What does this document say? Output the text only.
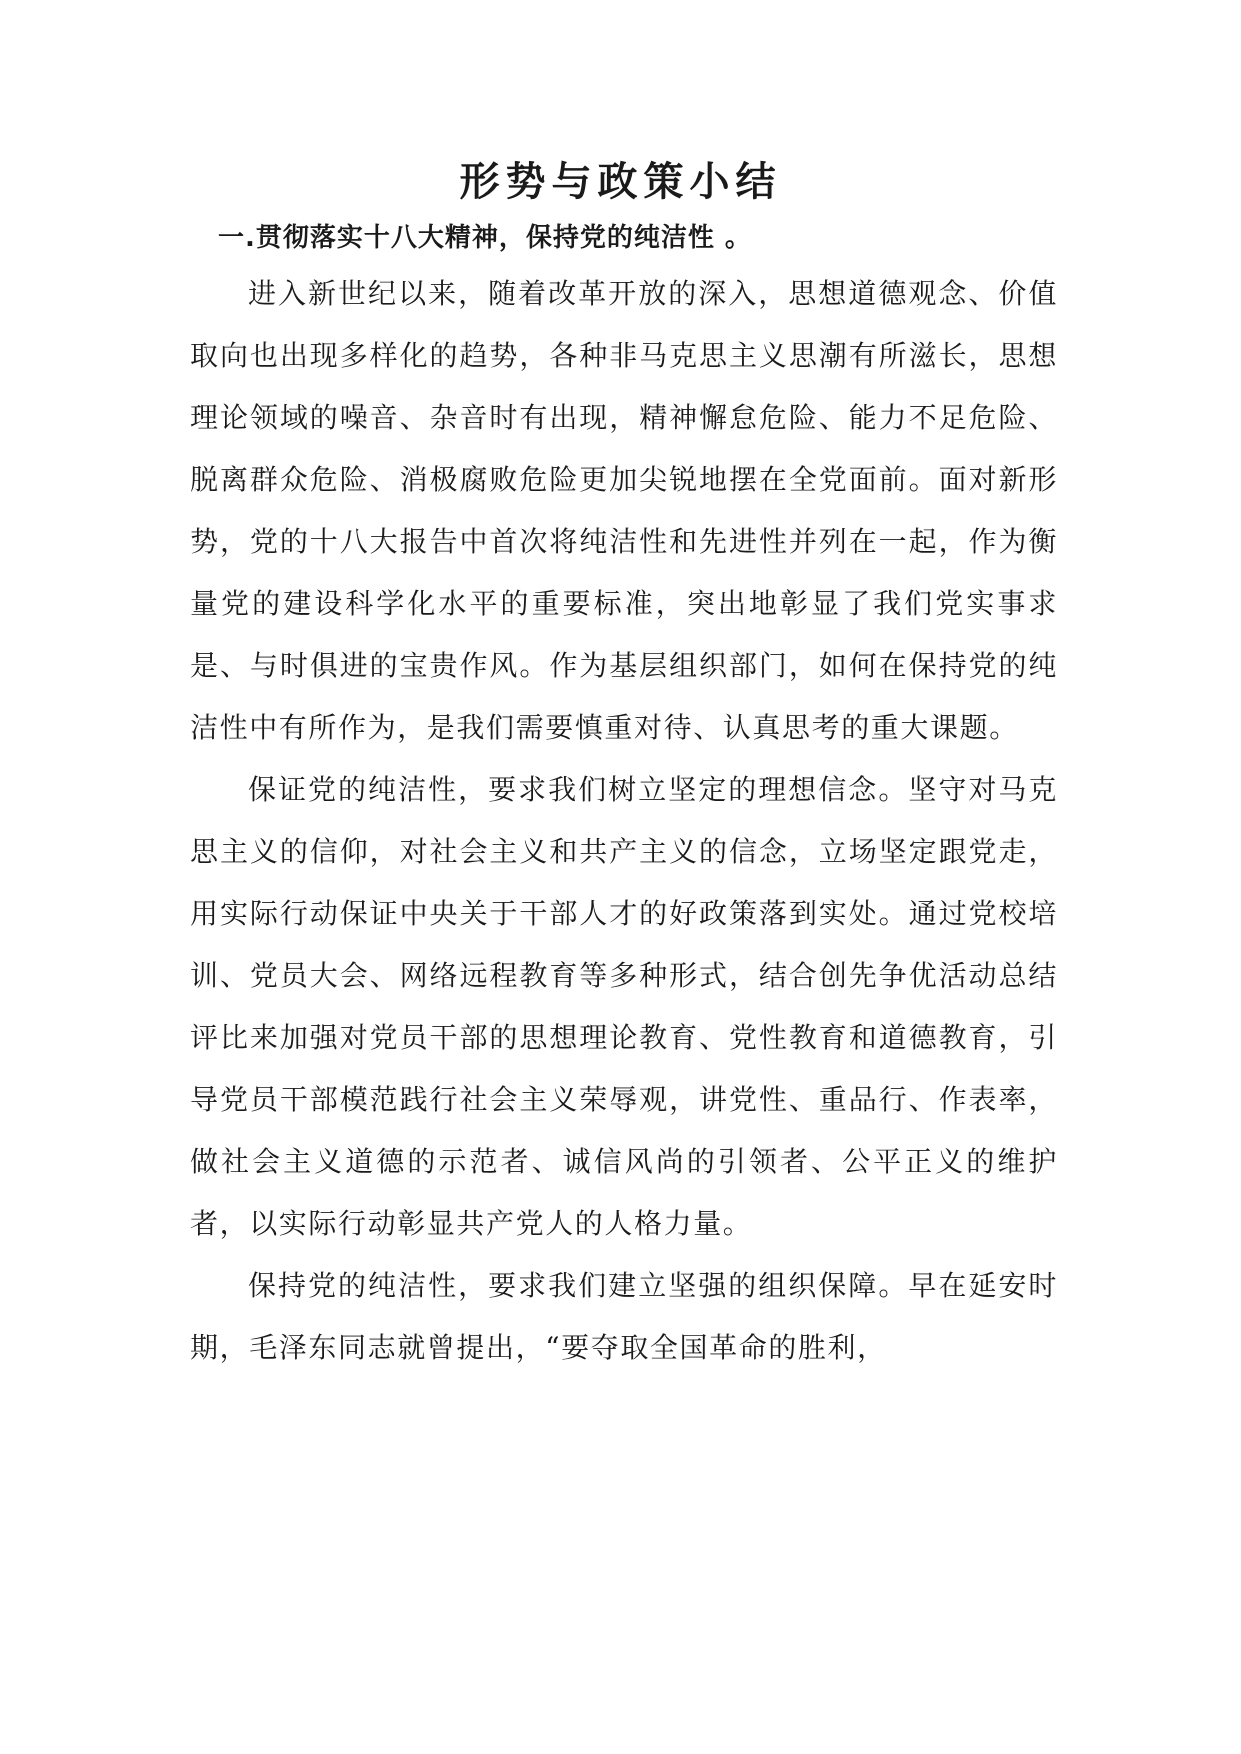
形势与政策小结
一.贯彻落实十八大精神，保持党的纯洁性 。

进入新世纪以来，随着改革开放的深入，思想道德观念、价值取向也出现多样化的趋势，各种非马克思主义思潮有所滋长，思想理论领域的噪音、杂音时有出现，精神懈怠危险、能力不足危险、脱离群众危险、消极腐败危险更加尖锐地摆在全党面前。面对新形势，党的十八大报告中首次将纯洁性和先进性并列在一起，作为衡量党的建设科学化水平的重要标准，突出地彰显了我们党实事求是、与时俱进的宝贵作风。作为基层组织部门，如何在保持党的纯洁性中有所作为，是我们需要慎重对待、认真思考的重大课题。

保证党的纯洁性，要求我们树立坚定的理想信念。坚守对马克思主义的信仰，对社会主义和共产主义的信念，立场坚定跟党走，用实际行动保证中央关于干部人才的好政策落到实处。通过党校培训、党员大会、网络远程教育等多种形式，结合创先争优活动总结评比来加强对党员干部的思想理论教育、党性教育和道德教育，引导党员干部模范践行社会主义荣辱观，讲党性、重品行、作表率，做社会主义道德的示范者、诚信风尚的引领者、公平正义的维护者，以实际行动彰显共产党人的人格力量。

保持党的纯洁性，要求我们建立坚强的组织保障。早在延安时期，毛泽东同志就曾提出，“要夺取全国革命的胜利，
